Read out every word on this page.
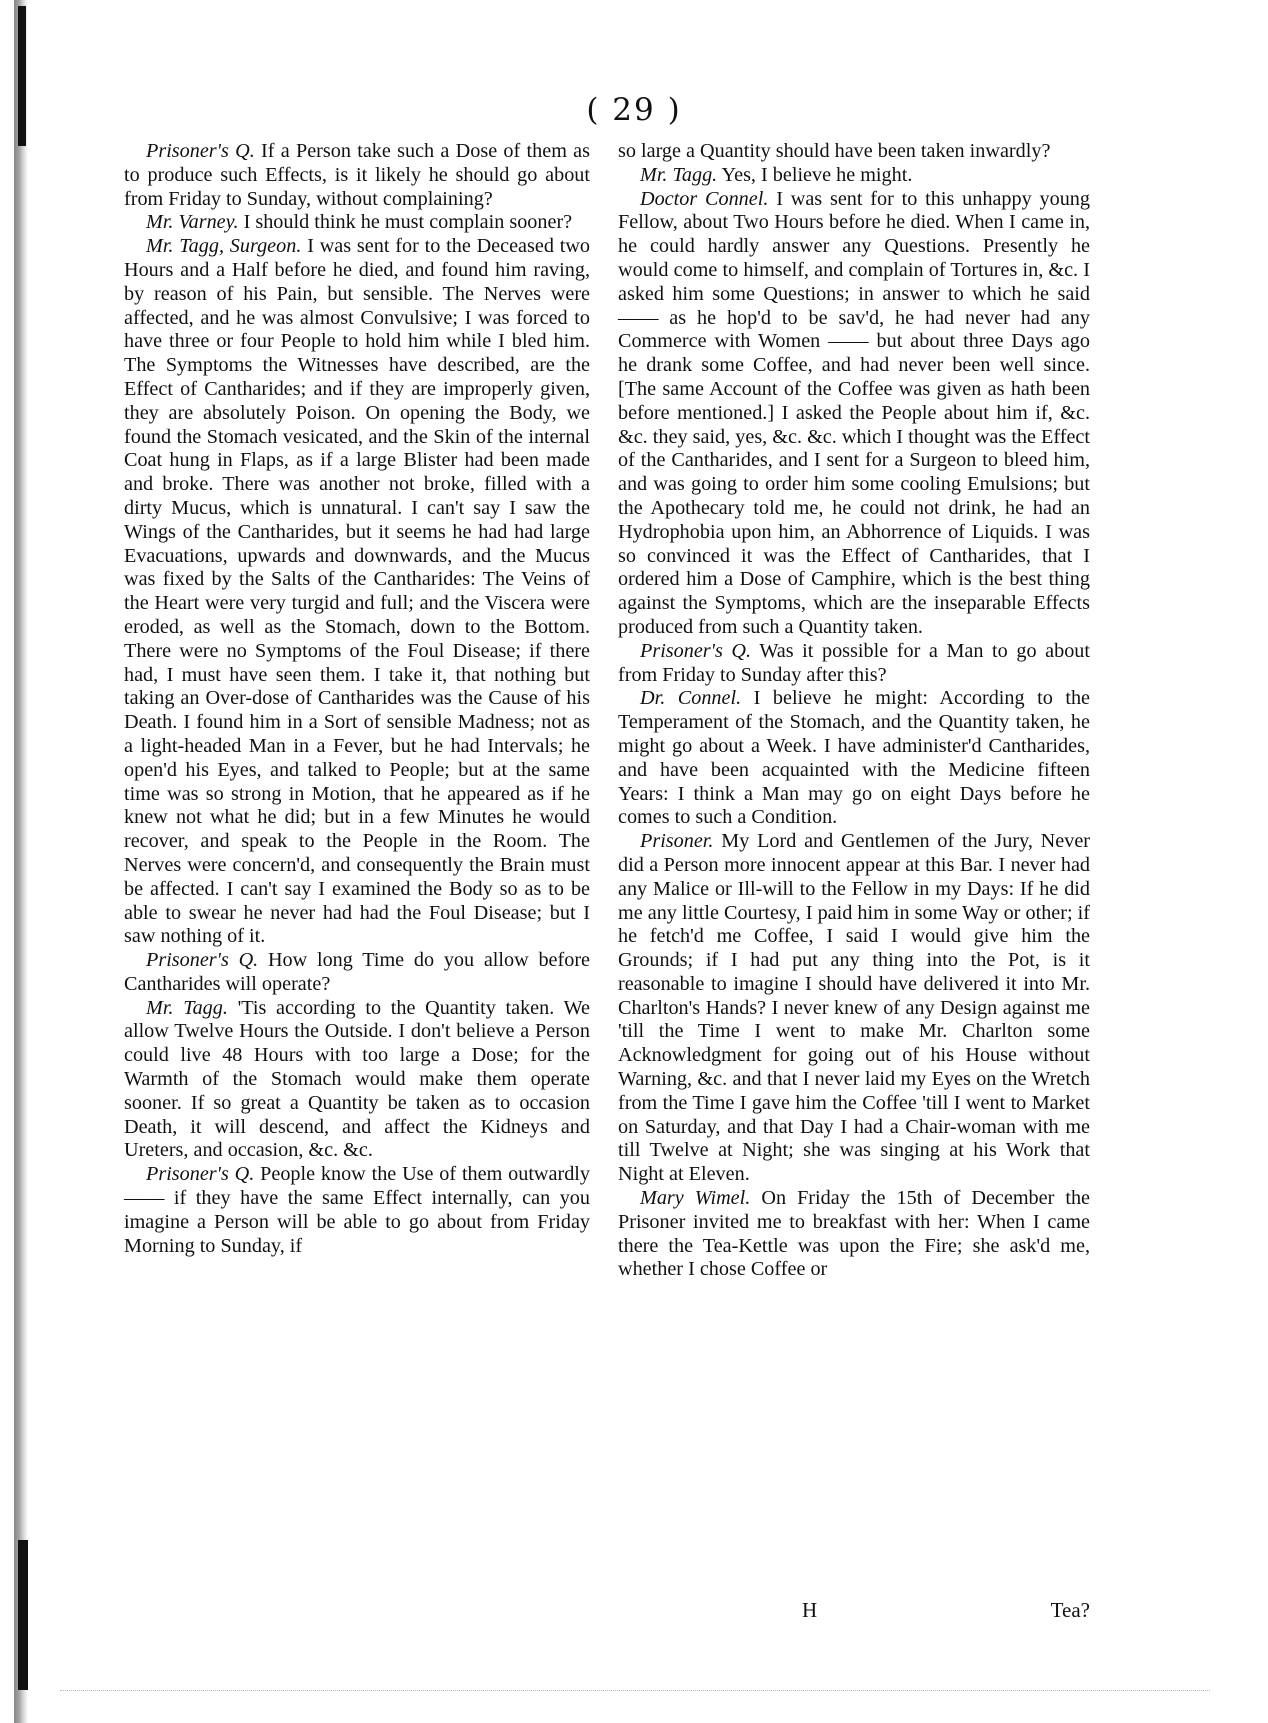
( 29 )

Prisoner's Q. If a Person take such a Dose of them as to produce such Effects, is it likely he should go about from Friday to Sunday, without complaining?

Mr. Varney. I should think he must complain sooner?

Mr. Tagg, Surgeon. I was sent for to the Deceased two Hours and a Half before he died, and found him raving, by reason of his Pain, but sensible. The Nerves were affected, and he was almost Convulsive; I was forced to have three or four People to hold him while I bled him. The Symptoms the Witnesses have described, are the Effect of Cantharides; and if they are improperly given, they are absolutely Poison. On opening the Body, we found the Stomach vesicated, and the Skin of the internal Coat hung in Flaps, as if a large Blister had been made and broke. There was another not broke, filled with a dirty Mucus, which is unnatural. I can't say I saw the Wings of the Cantharides, but it seems he had had large Evacuations, upwards and downwards, and the Mucus was fixed by the Salts of the Cantharides: The Veins of the Heart were very turgid and full; and the Viscera were eroded, as well as the Stomach, down to the Bottom. There were no Symptoms of the Foul Disease; if there had, I must have seen them. I take it, that nothing but taking an Over-dose of Cantharides was the Cause of his Death. I found him in a Sort of sensible Madness; not as a light-headed Man in a Fever, but he had Intervals; he open'd his Eyes, and talked to People; but at the same time was so strong in Motion, that he appeared as if he knew not what he did; but in a few Minutes he would recover, and speak to the People in the Room. The Nerves were concern'd, and consequently the Brain must be affected. I can't say I examined the Body so as to be able to swear he never had had the Foul Disease; but I saw nothing of it.

Prisoner's Q. How long Time do you allow before Cantharides will operate?

Mr. Tagg. 'Tis according to the Quantity taken. We allow Twelve Hours the Outside. I don't believe a Person could live 48 Hours with too large a Dose; for the Warmth of the Stomach would make them operate sooner. If so great a Quantity be taken as to occasion Death, it will descend, and affect the Kidneys and Ureters, and occasion, &c. &c.

Prisoner's Q. People know the Use of them outwardly —— if they have the same Effect internally, can you imagine a Person will be able to go about from Friday Morning to Sunday, if

so large a Quantity should have been taken inwardly?

Mr. Tagg. Yes, I believe he might.

Doctor Connel. I was sent for to this unhappy young Fellow, about Two Hours before he died. When I came in, he could hardly answer any Questions. Presently he would come to himself, and complain of Tortures in, &c. I asked him some Questions; in answer to which he said —— as he hop'd to be sav'd, he had never had any Commerce with Women —— but about three Days ago he drank some Coffee, and had never been well since. [The same Account of the Coffee was given as hath been before mentioned.] I asked the People about him if, &c. &c. they said, yes, &c. &c. which I thought was the Effect of the Cantharides, and I sent for a Surgeon to bleed him, and was going to order him some cooling Emulsions; but the Apothecary told me, he could not drink, he had an Hydrophobia upon him, an Abhorrence of Liquids. I was so convinced it was the Effect of Cantharides, that I ordered him a Dose of Camphire, which is the best thing against the Symptoms, which are the inseparable Effects produced from such a Quantity taken.

Prisoner's Q. Was it possible for a Man to go about from Friday to Sunday after this?

Dr. Connel. I believe he might: According to the Temperament of the Stomach, and the Quantity taken, he might go about a Week. I have administer'd Cantharides, and have been acquainted with the Medicine fifteen Years: I think a Man may go on eight Days before he comes to such a Condition.

Prisoner. My Lord and Gentlemen of the Jury, Never did a Person more innocent appear at this Bar. I never had any Malice or Ill-will to the Fellow in my Days: If he did me any little Courtesy, I paid him in some Way or other; if he fetch'd me Coffee, I said I would give him the Grounds; if I had put any thing into the Pot, is it reasonable to imagine I should have delivered it into Mr. Charlton's Hands? I never knew of any Design against me 'till the Time I went to make Mr. Charlton some Acknowledgment for going out of his House without Warning, &c. and that I never laid my Eyes on the Wretch from the Time I gave him the Coffee 'till I went to Market on Saturday, and that Day I had a Chair-woman with me till Twelve at Night; she was singing at his Work that Night at Eleven.

Mary Wimel. On Friday the 15th of December the Prisoner invited me to breakfast with her: When I came there the Tea-Kettle was upon the Fire; she ask'd me, whether I chose Coffee or

H	Tea?
